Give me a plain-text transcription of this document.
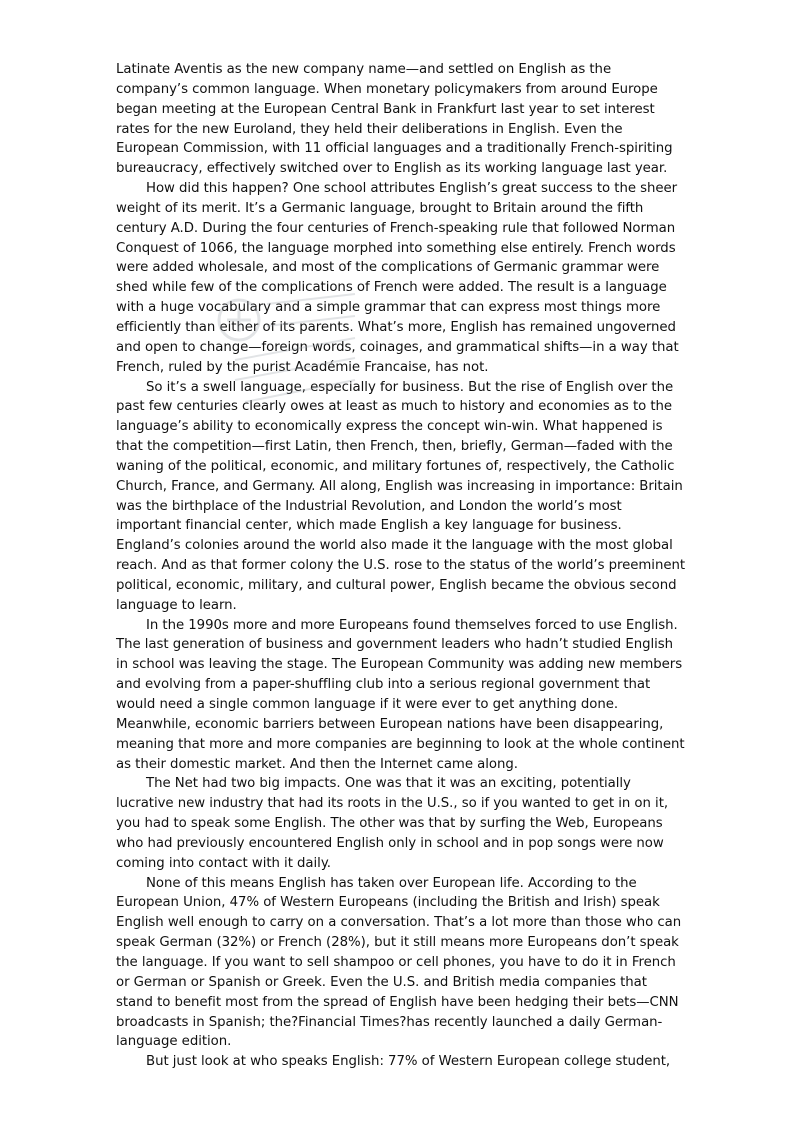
Latinate Aventis as the new company name—and settled on English as the company’s common language. When monetary policymakers from around Europe began meeting at the European Central Bank in Frankfurt last year to set interest rates for the new Euroland, they held their deliberations in English. Even the European Commission, with 11 official languages and a traditionally French-spiriting bureaucracy, effectively switched over to English as its working language last year.

How did this happen? One school attributes English’s great success to the sheer weight of its merit. It’s a Germanic language, brought to Britain around the fifth century A.D. During the four centuries of French-speaking rule that followed Norman Conquest of 1066, the language morphed into something else entirely. French words were added wholesale, and most of the complications of Germanic grammar were shed while few of the complications of French were added. The result is a language with a huge vocabulary and a simple grammar that can express most things more efficiently than either of its parents. What’s more, English has remained ungoverned and open to change—foreign words, coinages, and grammatical shifts—in a way that French, ruled by the purist Académie Francaise, has not.

So it’s a swell language, especially for business. But the rise of English over the past few centuries clearly owes at least as much to history and economies as to the language’s ability to economically express the concept win-win. What happened is that the competition—first Latin, then French, then, briefly, German—faded with the waning of the political, economic, and military fortunes of, respectively, the Catholic Church, France, and Germany. All along, English was increasing in importance: Britain was the birthplace of the Industrial Revolution, and London the world’s most important financial center, which made English a key language for business. England’s colonies around the world also made it the language with the most global reach. And as that former colony the U.S. rose to the status of the world’s preeminent political, economic, military, and cultural power, English became the obvious second language to learn.

In the 1990s more and more Europeans found themselves forced to use English. The last generation of business and government leaders who hadn’t studied English in school was leaving the stage. The European Community was adding new members and evolving from a paper-shuffling club into a serious regional government that would need a single common language if it were ever to get anything done. Meanwhile, economic barriers between European nations have been disappearing, meaning that more and more companies are beginning to look at the whole continent as their domestic market. And then the Internet came along.

The Net had two big impacts. One was that it was an exciting, potentially lucrative new industry that had its roots in the U.S., so if you wanted to get in on it, you had to speak some English. The other was that by surfing the Web, Europeans who had previously encountered English only in school and in pop songs were now coming into contact with it daily.

None of this means English has taken over European life. According to the European Union, 47% of Western Europeans (including the British and Irish) speak English well enough to carry on a conversation. That’s a lot more than those who can speak German (32%) or French (28%), but it still means more Europeans don’t speak the language. If you want to sell shampoo or cell phones, you have to do it in French or German or Spanish or Greek. Even the U.S. and British media companies that stand to benefit most from the spread of English have been hedging their bets—CNN broadcasts in Spanish; the?Financial Times?has recently launched a daily German-language edition.

But just look at who speaks English: 77% of Western European college student,
